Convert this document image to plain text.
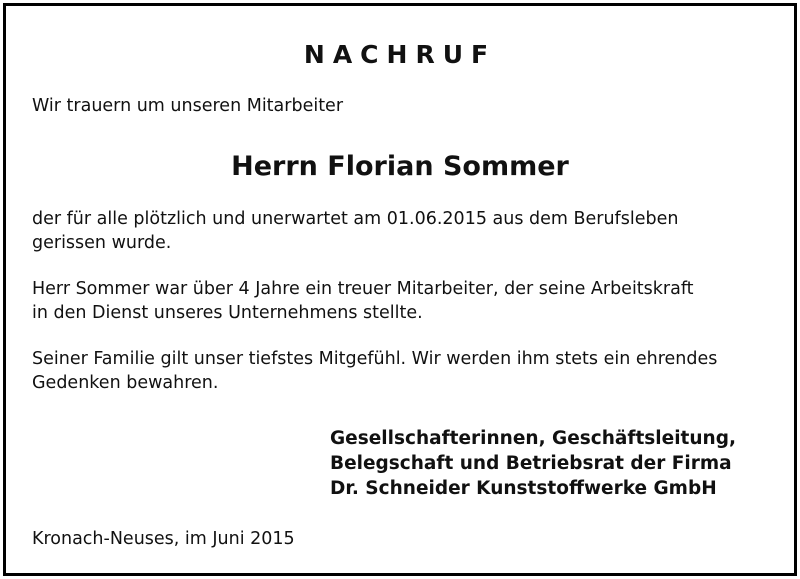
NACHRUF
Wir trauern um unseren Mitarbeiter
Herrn Florian Sommer
der für alle plötzlich und unerwartet am 01.06.2015 aus dem Berufsleben
gerissen wurde.
Herr Sommer war über 4 Jahre ein treuer Mitarbeiter, der seine Arbeitskraft
in den Dienst unseres Unternehmens stellte.
Seiner Familie gilt unser tiefstes Mitgefühl. Wir werden ihm stets ein ehrendes
Gedenken bewahren.
Gesellschafterinnen, Geschäftsleitung,
Belegschaft und Betriebsrat der Firma
Dr. Schneider Kunststoffwerke GmbH
Kronach-Neuses, im Juni 2015
